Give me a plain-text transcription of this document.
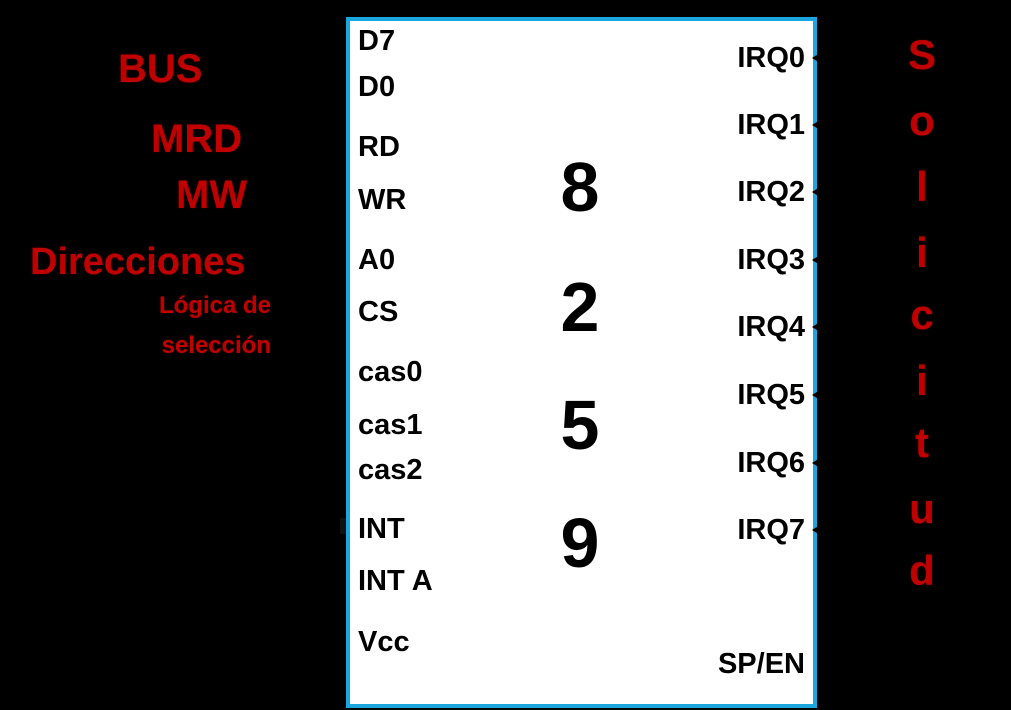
D7
D0
RD
WR
A0
CS
cas0
cas1
cas2
INT
INT A
Vcc
IRQ0
IRQ1
IRQ2
IRQ3
IRQ4
IRQ5
IRQ6
IRQ7
SP/EN
8
2
5
9
BUS
MRD
MW
Direcciones
Lógica de
selección
S
o
l
i
c
i
t
u
d
